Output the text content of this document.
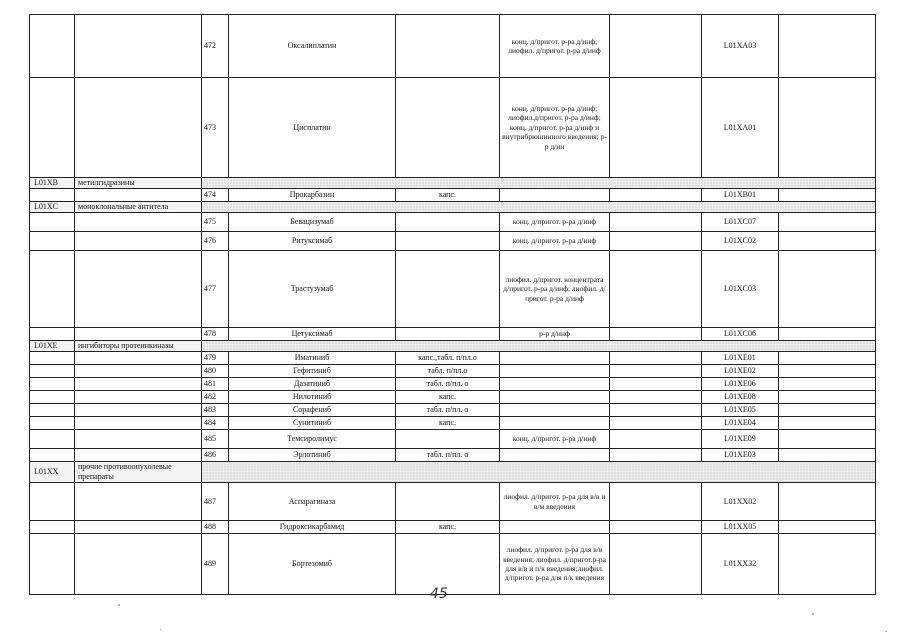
		472	Оксалиплатин		конц. д/пригот. р-ра д/инф; лиофил. д/пригот. р-ра д/инф		L01XA03	
		473	Цисплатин		конц. д/пригот. р-ра д/инф; лиофил.д/пригот. р-ра д/инф; конц. д/пригот. р-ра д/инф и внутрибрюшинного введения; р-р д/ин		L01XA01	
L01XB	метилгидразины							
		474	Прокарбазин	капс.			L01XB01	
L01XC	моноклональные антитела							
		475	Бевацизумаб		конц. д/пригот. р-ра д/инф		L01XC07	
		476	Ритуксимаб		конц. д/пригот. р-ра д/инф		L01XC02	
		477	Трастузумаб		лиофил. д/пригот. концентрата д/пригот. р-ра д/инф; лиофил. д/пригот. р-ра д/инф		L01XC03	
		478	Цетуксимаб		р-р д/инф		L01XC06	
L01XE	ингибиторы протеинкиназы							
		479	Иматиниб	капс.,табл. п/пл.о			L01XE01	
		480	Гефитиниб	табл. п/пл.о			L01XE02	
		481	Дазатиниб	табл. п/пл. о			L01XE06	
		482	Нилотиниб	капс.			L01XE08	
		483	Сорафениб	табл. п/пл. о			L01XE05	
		484	Сунитиниб	капс.			L01XE04	
		485	Темсиролимус		конц. д/пригот. р-ра д/инф		L01XE09	
		486	Эрлотиниб	табл. п/пл. о			L01XE03	
L01XX	прочие противоопухолевые препараты							
		487	Аспарагиназа		лиофил. д/пригот. р-ра для в/в и в/м введения		L01XX02	
		488	Гидроксикарбамид	капс.			L01XX05	
		489	Бортезомиб		лиофил. д/пригот. р-ра для в/в введения; лиофил. д/пригот.р-ра для в/в и п/к введения;лиофил. д/пригот. р-ра для п/к введения		L01XX32	
45
